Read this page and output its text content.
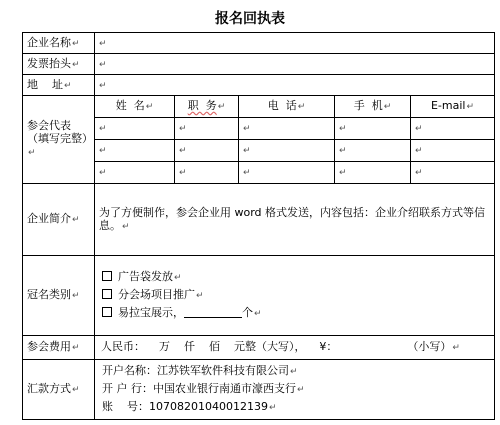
报名回执表
企业名称↵	↵				
发票抬头↵	↵				
地    址↵	↵				
参会代表（填写完整）↵	姓  名↵	职  务↵	电  话↵	手  机↵	E-mail↵
	↵	↵	↵	↵	↵
	↵	↵	↵	↵	↵
	↵	↵	↵	↵	↵
企业简介↵	为了方便制作，参会企业用 word 格式发送，内容包括：企业介绍联系方式等信息。↵				
冠名类别↵	广告袋发放↵
分会场项目推广↵
易拉宝展示， 个↵				

参会费用↵	人民币：    万    仟    佰    元整（大写），    ¥：                    （小写）↵				
汇款方式↵	开户名称：江苏铁军软件科技有限公司↵
开 户 行：中国农业银行南通市濠西支行↵
账    号：10708201040012139↵				
